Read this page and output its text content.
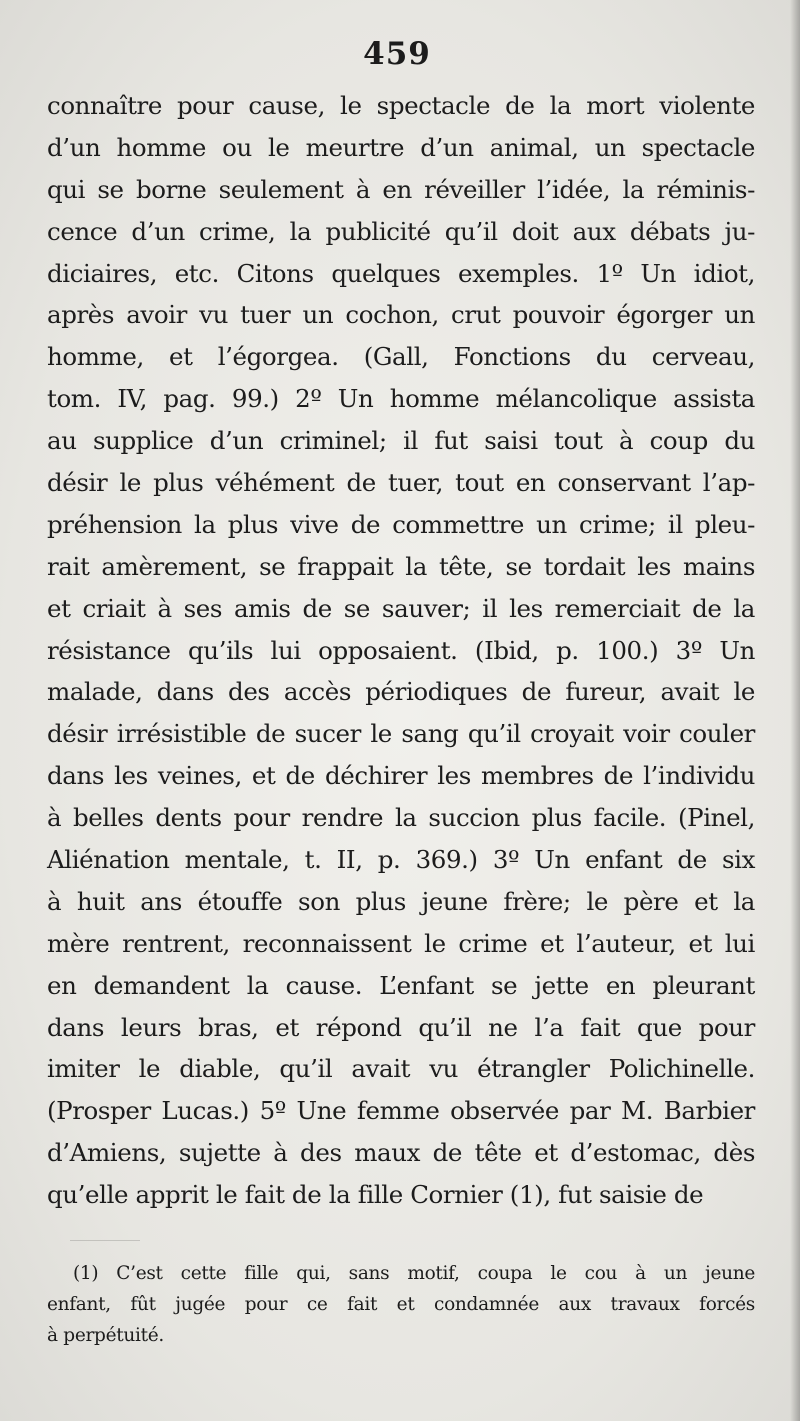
459
connaître pour cause, le spectacle de la mort violente
d’un homme ou le meurtre d’un animal, un spectacle
qui se borne seulement à en réveiller l’idée, la réminis-
cence d’un crime, la publicité qu’il doit aux débats ju-
diciaires, etc. Citons quelques exemples. 1º Un idiot,
après avoir vu tuer un cochon, crut pouvoir égorger un
homme, et l’égorgea. (Gall, Fonctions du cerveau,
tom. IV, pag. 99.) 2º Un homme mélancolique assista
au supplice d’un criminel; il fut saisi tout à coup du
désir le plus véhément de tuer, tout en conservant l’ap-
préhension la plus vive de commettre un crime; il pleu-
rait amèrement, se frappait la tête, se tordait les mains
et criait à ses amis de se sauver; il les remerciait de la
résistance qu’ils lui opposaient. (Ibid, p. 100.) 3º Un
malade, dans des accès périodiques de fureur, avait le
désir irrésistible de sucer le sang qu’il croyait voir couler
dans les veines, et de déchirer les membres de l’individu
à belles dents pour rendre la succion plus facile. (Pinel,
Aliénation mentale, t. II, p. 369.) 3º Un enfant de six
à huit ans étouffe son plus jeune frère; le père et la
mère rentrent, reconnaissent le crime et l’auteur, et lui
en demandent la cause. L’enfant se jette en pleurant
dans leurs bras, et répond qu’il ne l’a fait que pour
imiter le diable, qu’il avait vu étrangler Polichinelle.
(Prosper Lucas.) 5º Une femme observée par M. Barbier
d’Amiens, sujette à des maux de tête et d’estomac, dès
qu’elle apprit le fait de la fille Cornier (1), fut saisie de
(1) C’est cette fille qui, sans motif, coupa le cou à un jeune
enfant, fût jugée pour ce fait et condamnée aux travaux forcés
à perpétuité.
